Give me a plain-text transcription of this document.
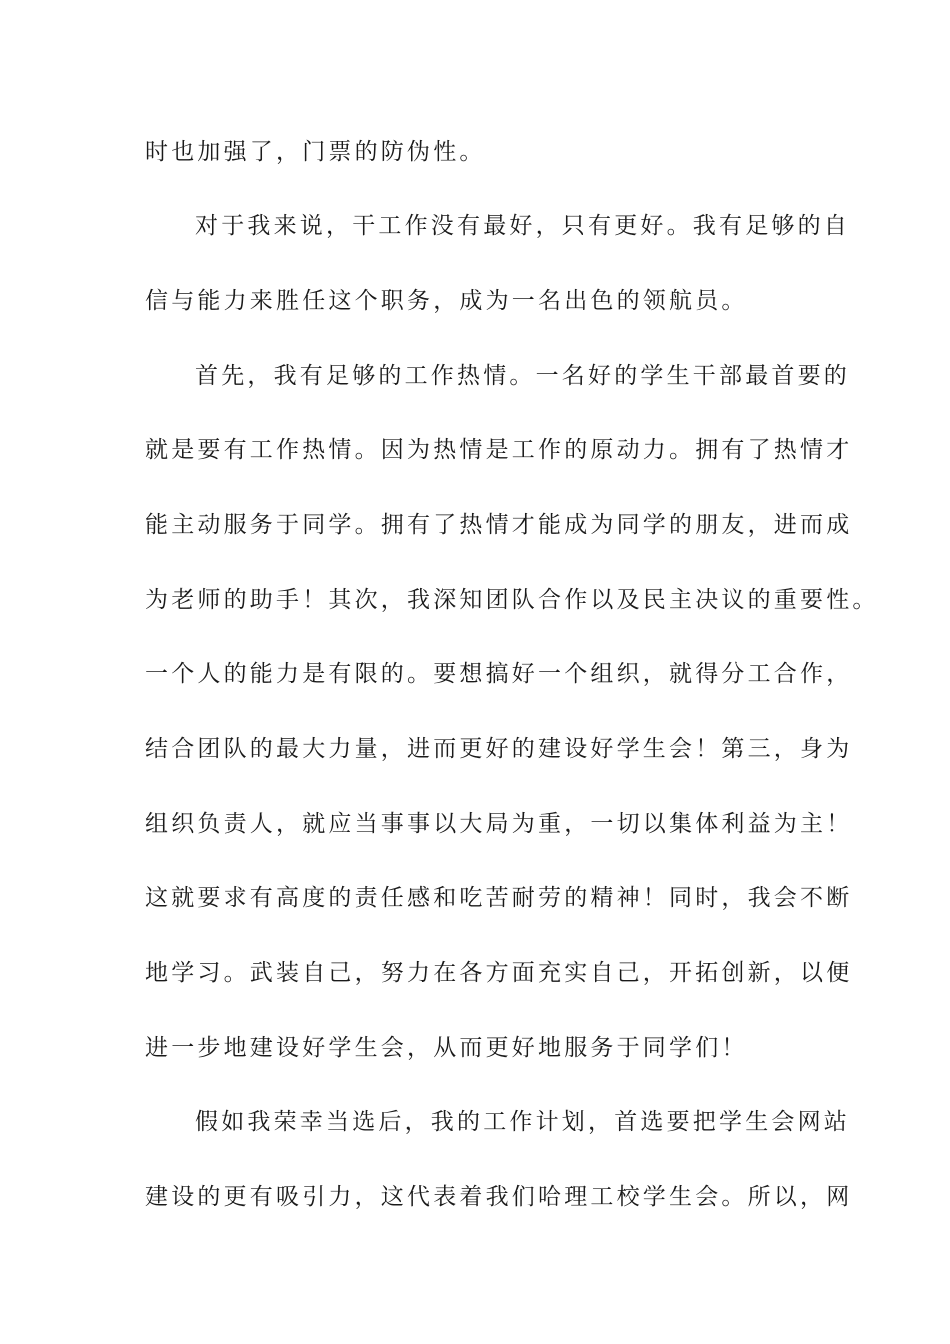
时也加强了，门票的防伪性。
对于我来说，干工作没有最好，只有更好。我有足够的自
信与能力来胜任这个职务，成为一名出色的领航员。
首先，我有足够的工作热情。一名好的学生干部最首要的
就是要有工作热情。因为热情是工作的原动力。拥有了热情才
能主动服务于同学。拥有了热情才能成为同学的朋友，进而成
为老师的助手！其次，我深知团队合作以及民主决议的重要性。
一个人的能力是有限的。要想搞好一个组织，就得分工合作，
结合团队的最大力量，进而更好的建设好学生会！第三，身为
组织负责人，就应当事事以大局为重，一切以集体利益为主！
这就要求有高度的责任感和吃苦耐劳的精神！同时，我会不断
地学习。武装自己，努力在各方面充实自己，开拓创新，以便
进一步地建设好学生会，从而更好地服务于同学们！
假如我荣幸当选后，我的工作计划，首选要把学生会网站
建设的更有吸引力，这代表着我们哈理工校学生会。所以，网
